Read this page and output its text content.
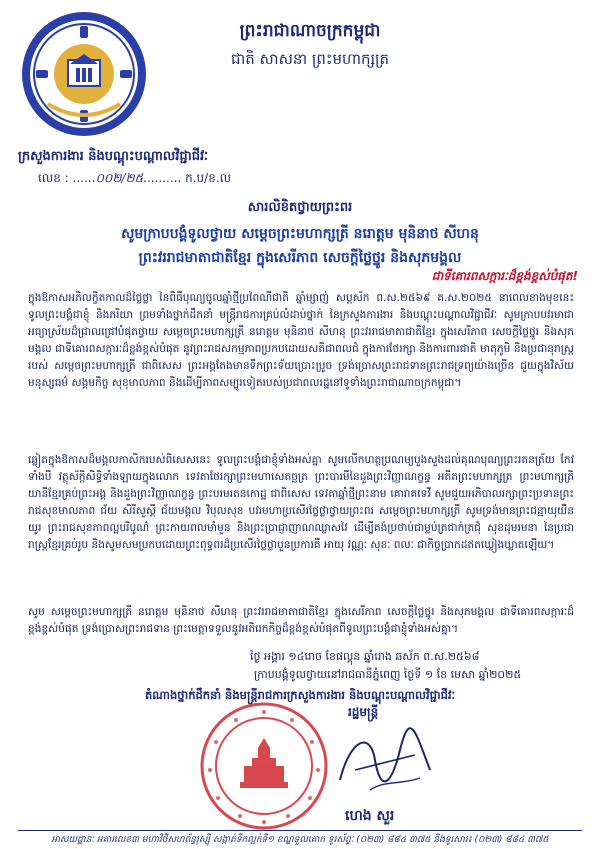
ព្រះរាជាណាចក្រកម្ពុជា
ជាតិ សាសនា ព្រះមហាក្សត្រ
ក្រសួងការងារ និងបណ្តុះបណ្តាលវិជ្ជាជីវៈ
លេខ : ......០០២/២៥.......... ក.ប/ខ.ល
សារលិខិតថ្វាយព្រះពរ
សូមក្រាបបង្គំទូលថ្វាយ សម្តេចព្រះមហាក្សត្រី នរោត្តម មុនិនាថ សីហនុ
ព្រះវររាជមាតាជាតិខ្មែរ ក្នុងសេរីភាព សេចក្តីថ្លៃថ្នូរ និងសុភមង្គល
ជាទីគោរពសក្ការៈដ៏ខ្ពង់ខ្ពស់បំផុត!
ក្នុងឱកាសអភិលក្ខិតកាលដ៏ថ្លៃថ្លា នៃពិធីបុណ្យចូលឆ្នាំថ្មីប្រពៃណីជាតិ ឆ្នាំម្សាញ់ សប្តស័ក ព.ស.២៥៦៩ គ.ស.២០២៥ នាពេលខាងមុខនេះ ទូលព្រះបង្គំជាខ្ញុំ និងភរិយា ព្រមទាំងថ្នាក់ដឹកនាំ មន្ត្រីរាជការគ្រប់លំដាប់ថ្នាក់ នៃក្រសួងការងារ និងបណ្តុះបណ្តាលវិជ្ជាជីវៈ សូមក្រាបបវរមាជាអធ្យាស្រ័យដ៏ជ្រាលជ្រៅបំផុតថ្វាយ សម្តេចព្រះមហាក្សត្រី នរោត្តម មុនិនាថ សីហនុ ព្រះវររាជមាតាជាតិខ្មែរ ក្នុងសេរីភាព សេចក្តីថ្លៃថ្នូរ និងសុភមង្គល ជាទីគោរពសក្ការៈដ៏ខ្ពង់ខ្ពស់បំផុត នូវព្រះរាជសកម្មភាពប្រកបដោយសតិជាពលជំ ក្នុងការថែរក្សា និងការពារជាតិ មាតុភូមិ និងប្រជានុរាស្ត្ររបស់ សម្តេចព្រះមហាក្សត្រី ជាពិសេស ព្រះអង្គតែងមានទឹកព្រះទ័យប្រោះប្រូច ទ្រង់ប្រោសព្រះរាជទានព្រះរាជទ្រព្យយ៉ាងច្រើន ជួយក្នុងវិស័យមនុស្សធម៌ សង្គមកិច្ច សុខុមាលភាព និងដើម្បីភាពសម្បូរទៀតរបស់ប្រជាពលរដ្ឋនៅទូទាំងព្រះរាជាណាចក្រកម្ពុជា។
ឆ្លៀតក្នុងឱកាសដ៏មង្គលកាសិករបស់ពិសេសនេះ ទូលព្រះបង្គំជាខ្ញុំទាំងអស់គ្នា សូមលើកហត្ថប្រណម្យបួងសួងដល់គុណបុណ្យព្រះរតនត្រ័យ កែវទាំងបី វត្ថុស័ក្តិសិទ្ធិទាំងឡាយក្នុងលោក ទេវតាថែរក្សាព្រះមហាសេតច្ឆត្រ ព្រះបារមីនៃដួងព្រះវិញ្ញាណក្ខន្ធ អតីតព្រះមហាក្សត្រ ព្រះមហាក្សត្រិយានីខ្មែរគ្រប់ព្រះអង្គ និងដួងព្រះវិញ្ញាណក្ខន្ធ ព្រះបរមរតនកោដ្ឋ ជាពិសេស ទេវតាឆ្នាំថ្មីព្រះនាម គោរាគទេវី សូមជួយអភិបាលរក្សាព្រះប្រទានព្រះរាជសុខមាលភាព ជ័យ សិរីសួស្តី ជ័យមង្គល វិបុលសុខ បវរមហាប្រសើរថ្លៃថ្លាថ្វាយព្រះពរ សម្តេចព្រះមហាក្សត្រី សូមទ្រង់មានព្រះជន្មាយុយឺនយូរ ព្រះរាជសុខភាពល្អបរិបូណ៌ ព្រះកាយពលមាំមួន និងព្រះប្រាជ្ញាញាណឈ្លាសវៃ ដើម្បីគង់ប្រថាប់ជាម្លប់ត្រជាក់ត្រជុំ សុខដុមរមនា នៃប្រជារាស្ត្រខ្មែរគ្រប់រូប និងសូមសមប្រកបដោយព្រះពុទ្ធពរដ៏ប្រសើរថ្លៃថ្លាបួនប្រការគឺ អាយុ វណ្ណៈ សុខៈ ពលៈ ជាកិច្ចប្រាកដឥតឃ្លៀងឃ្លាតឡើយ។
សូម សម្តេចព្រះមហាក្សត្រី នរោត្តម មុនិនាថ សីហនុ ព្រះវររាជមាតាជាតិខ្មែរ ក្នុងសេរីភាព សេចក្តីថ្លៃថ្នូរ និងសុភមង្គល ជាទីគោរពសក្ការៈដ៏ខ្ពង់ខ្ពស់បំផុត ទ្រង់ប្រោសព្រះរាជទាន ព្រះមេត្តាទទួលនូវអតិរេកកិច្ចដ៏ខ្ពង់ខ្ពស់បំផុតពីទូលព្រះបង្គំជាខ្ញុំទាំងអស់គ្នា។
ថ្ងៃ អង្គារ ១៤រោច ខែផល្គុន ឆ្នាំរោង ឆស័ក ព.ស.២៥៦៨
ក្រាបបង្គំទូលថ្វាយនៅរាជធានីភ្នំពេញ ថ្ងៃទី ១ ខែ មេសា ឆ្នាំ២០២៥
តំណាងថ្នាក់ដឹកនាំ និងមន្ត្រីរាជការក្រសួងការងារ និងបណ្តុះបណ្តាលវិជ្ជាជីវៈ
រដ្ឋមន្ត្រី
ហេង សួរ
អាសយដ្ឋានៈ អគារលេខ៣ មហាវិថីសហព័ន្ធរុស្ស៊ី សង្កាត់ទឹកល្អក់ទី១ ខណ្ឌទួលគោក ទូរស័ព្ទៈ (០២៣) ៨៨៤ ៣៧៥ និងទូរសារ៖ (០២៣) ៨៨៤ ៣៧៥
